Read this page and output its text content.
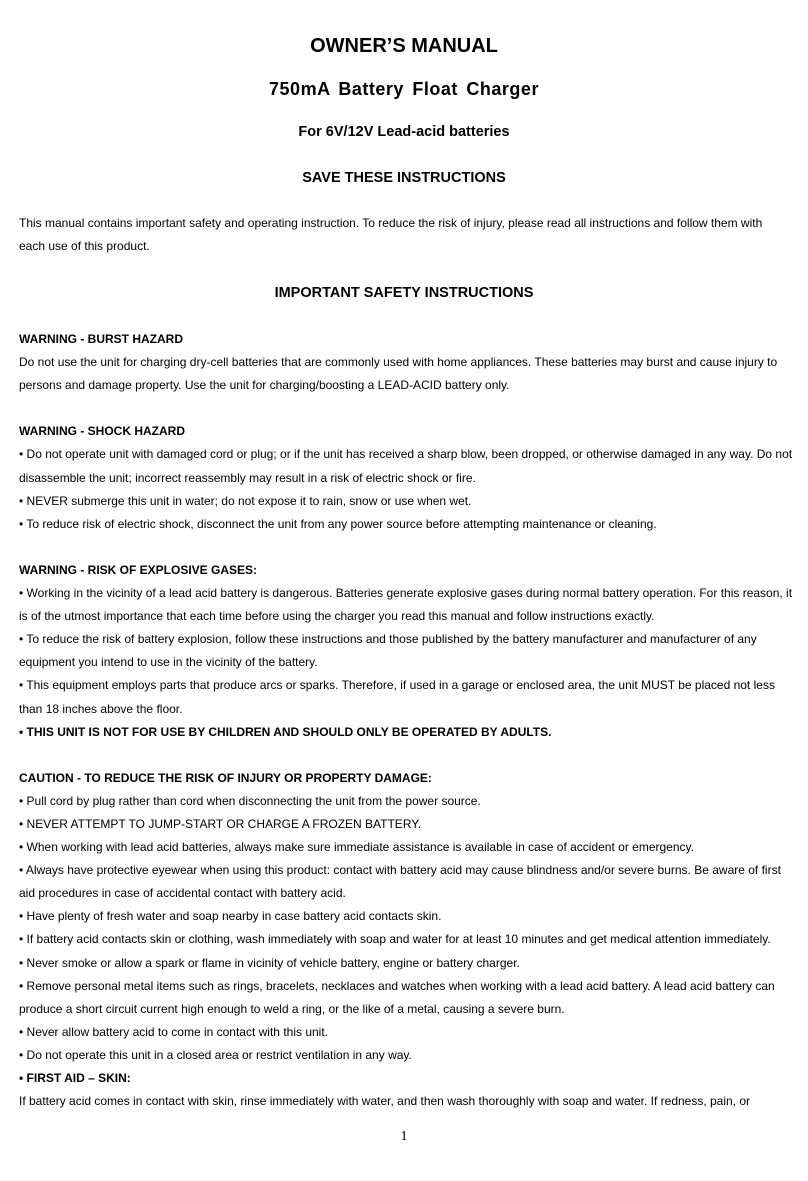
OWNER’S MANUAL
750mA Battery Float Charger
For 6V/12V Lead-acid batteries
SAVE THESE INSTRUCTIONS
This manual contains important safety and operating instruction. To reduce the risk of injury, please read all instructions and follow them with each use of this product.
IMPORTANT SAFETY INSTRUCTIONS

WARNING - BURST HAZARD

Do not use the unit for charging dry-cell batteries that are commonly used with home appliances. These batteries may burst and cause injury to persons and damage property. Use the unit for charging/boosting a LEAD-ACID battery only.

WARNING - SHOCK HAZARD

• Do not operate unit with damaged cord or plug; or if the unit has received a sharp blow, been dropped, or otherwise damaged in any way. Do not disassemble the unit; incorrect reassembly may result in a risk of electric shock or fire.

• NEVER submerge this unit in water; do not expose it to rain, snow or use when wet.

• To reduce risk of electric shock, disconnect the unit from any power source before attempting maintenance or cleaning.

WARNING - RISK OF EXPLOSIVE GASES:

• Working in the vicinity of a lead acid battery is dangerous. Batteries generate explosive gases during normal battery operation. For this reason, it is of the utmost importance that each time before using the charger you read this manual and follow instructions exactly.

• To reduce the risk of battery explosion, follow these instructions and those published by the battery manufacturer and manufacturer of any equipment you intend to use in the vicinity of the battery.

• This equipment employs parts that produce arcs or sparks. Therefore, if used in a garage or enclosed area, the unit MUST be placed not less than 18 inches above the floor.

• THIS UNIT IS NOT FOR USE BY CHILDREN AND SHOULD ONLY BE OPERATED BY ADULTS.

CAUTION - TO REDUCE THE RISK OF INJURY OR PROPERTY DAMAGE:

• Pull cord by plug rather than cord when disconnecting the unit from the power source.

• NEVER ATTEMPT TO JUMP-START OR CHARGE A FROZEN BATTERY.

• When working with lead acid batteries, always make sure immediate assistance is available in case of accident or emergency.

• Always have protective eyewear when using this product: contact with battery acid may cause blindness and/or severe burns. Be aware of first aid procedures in case of accidental contact with battery acid.

• Have plenty of fresh water and soap nearby in case battery acid contacts skin.

• If battery acid contacts skin or clothing, wash immediately with soap and water for at least 10 minutes and get medical attention immediately.

• Never smoke or allow a spark or flame in vicinity of vehicle battery, engine or battery charger.

• Remove personal metal items such as rings, bracelets, necklaces and watches when working with a lead acid battery. A lead acid battery can produce a short circuit current high enough to weld a ring, or the like of a metal, causing a severe burn.

• Never allow battery acid to come in contact with this unit.

• Do not operate this unit in a closed area or restrict ventilation in any way.

• FIRST AID – SKIN:

If battery acid comes in contact with skin, rinse immediately with water, and then wash thoroughly with soap and water. If redness, pain, or

1
